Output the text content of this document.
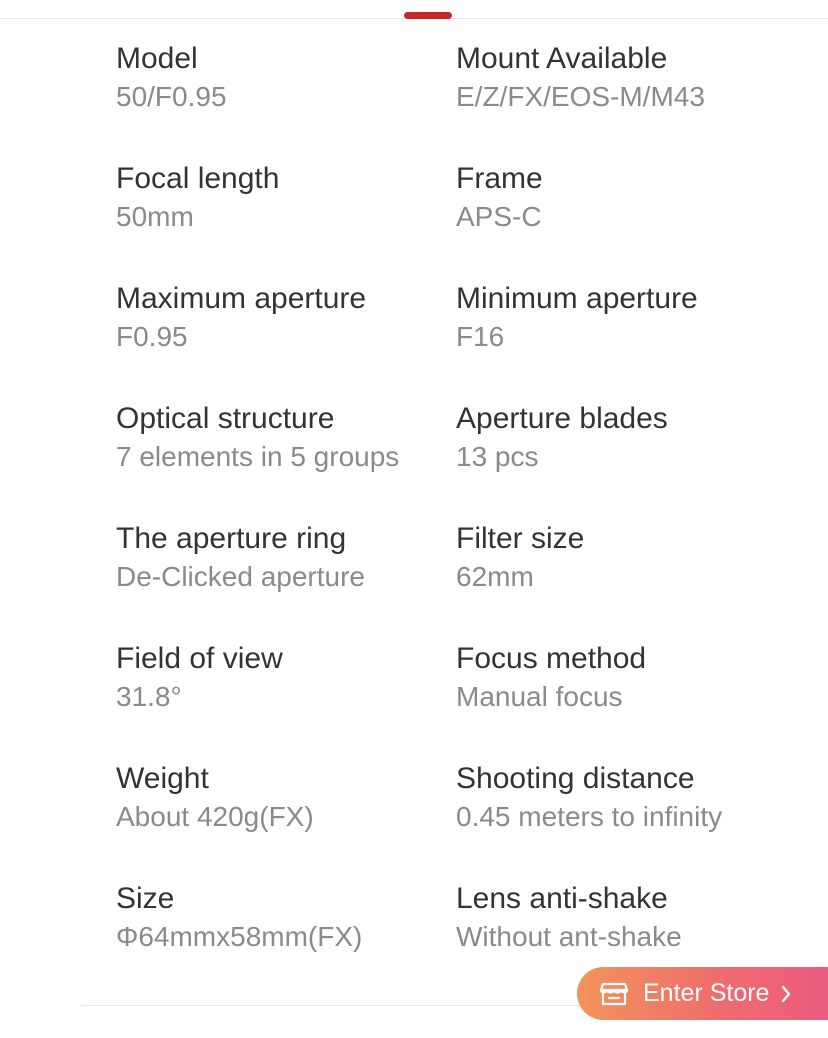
Model
50/F0.95
Mount Available
E/Z/FX/EOS-M/M43
Focal length
50mm
Frame
APS-C
Maximum aperture
F0.95
Minimum aperture
F16
Optical structure
7 elements in 5 groups
Aperture blades
13 pcs
The aperture ring
De-Clicked aperture
Filter size
62mm
Field of view
31.8°
Focus method
Manual focus
Weight
About 420g(FX)
Shooting distance
0.45 meters to infinity
Size
Φ64mmx58mm(FX)
Lens anti-shake
Without ant-shake
Enter Store
